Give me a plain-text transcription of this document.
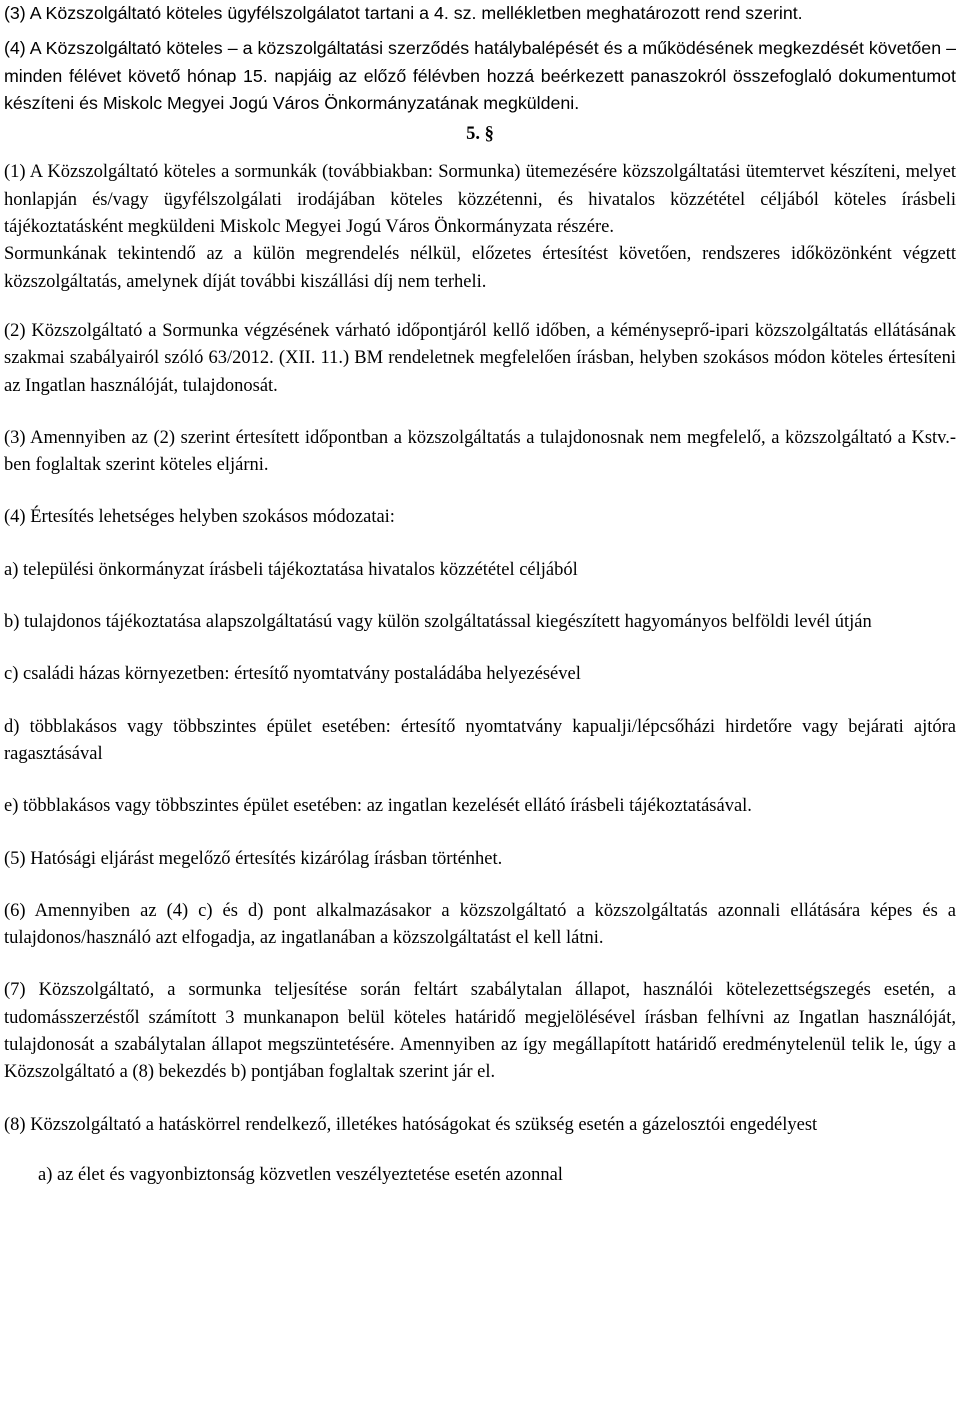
(3) A Közszolgáltató köteles ügyfélszolgálatot tartani a 4. sz. mellékletben meghatározott rend szerint.

(4) A Közszolgáltató köteles – a közszolgáltatási szerződés hatálybalépését és a működésének megkezdését követően – minden félévet követő hónap 15. napjáig az előző félévben hozzá beérkezett panaszokról összefoglaló dokumentumot készíteni és Miskolc Megyei Jogú Város Önkormányzatának megküldeni.

5. §

(1) A Közszolgáltató köteles a sormunkák (továbbiakban: Sormunka) ütemezésére közszolgáltatási ütemtervet készíteni, melyet honlapján és/vagy ügyfélszolgálati irodájában köteles közzétenni, és hivatalos közzététel céljából köteles írásbeli tájékoztatásként megküldeni Miskolc Megyei Jogú Város Önkormányzata részére.

Sormunkának tekintendő az a külön megrendelés nélkül, előzetes értesítést követően, rendszeres időközönként végzett közszolgáltatás, amelynek díját további kiszállási díj nem terheli.

(2) Közszolgáltató a Sormunka végzésének várható időpontjáról kellő időben, a kéményseprő-ipari közszolgáltatás ellátásának szakmai szabályairól szóló 63/2012. (XII. 11.) BM rendeletnek megfelelően írásban, helyben szokásos módon köteles értesíteni az Ingatlan használóját, tulajdonosát.

(3) Amennyiben az (2) szerint értesített időpontban a közszolgáltatás a tulajdonosnak nem megfelelő, a közszolgáltató a Kstv.-ben foglaltak szerint köteles eljárni.

(4) Értesítés lehetséges helyben szokásos módozatai:

a) települési önkormányzat írásbeli tájékoztatása hivatalos közzététel céljából

b) tulajdonos tájékoztatása alapszolgáltatású vagy külön szolgáltatással kiegészített hagyományos belföldi levél útján

c) családi házas környezetben: értesítő nyomtatvány postaládába helyezésével

d) többlakásos vagy többszintes épület esetében: értesítő nyomtatvány kapualji/lépcsőházi hirdetőre vagy bejárati ajtóra ragasztásával

e) többlakásos vagy többszintes épület esetében: az ingatlan kezelését ellátó írásbeli tájékoztatásával.

(5) Hatósági eljárást megelőző értesítés kizárólag írásban történhet.

(6) Amennyiben az (4) c) és d) pont alkalmazásakor a közszolgáltató a közszolgáltatás azonnali ellátására képes és a tulajdonos/használó azt elfogadja, az ingatlanában a közszolgáltatást el kell látni.

(7) Közszolgáltató, a sormunka teljesítése során feltárt szabálytalan állapot, használói kötelezettségszegés esetén, a tudomásszerzéstől számított 3 munkanapon belül köteles határidő megjelölésével írásban felhívni az Ingatlan használóját, tulajdonosát a szabálytalan állapot megszüntetésére. Amennyiben az így megállapított határidő eredménytelenül telik le, úgy a Közszolgáltató a (8) bekezdés b) pontjában foglaltak szerint jár el.

(8) Közszolgáltató a hatáskörrel rendelkező, illetékes hatóságokat és szükség esetén a gázelosztói engedélyest

a) az élet és vagyonbiztonság közvetlen veszélyeztetése esetén azonnal
